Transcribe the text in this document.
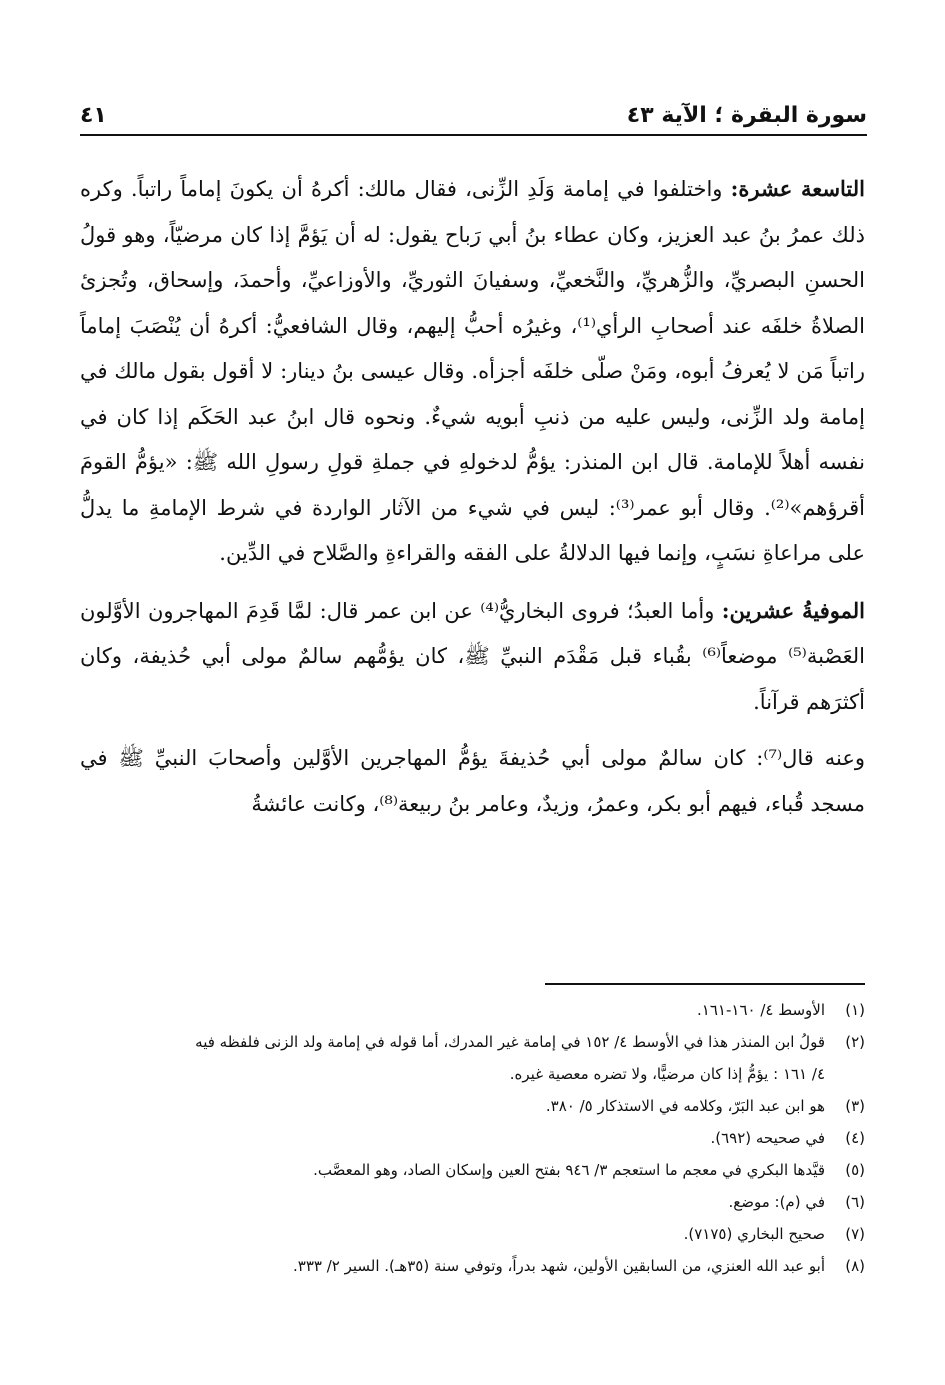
سورة البقرة ؛ الآية ٤٣
٤١

التاسعة عشرة: واختلفوا في إمامة وَلَدِ الزِّنى، فقال مالك: أكرهُ أن يكونَ إماماً راتباً. وكره ذلك عمرُ بنُ عبد العزيز، وكان عطاء بنُ أبي رَباح يقول: له أن يَؤمَّ إذا كان مرضيّاً، وهو قولُ الحسنِ البصريِّ، والزُّهريِّ، والنَّخعيِّ، وسفيانَ الثوريِّ، والأوزاعيِّ، وأحمدَ، وإسحاق، وتُجزئ الصلاةُ خلفَه عند أصحابِ الرأي⁽¹⁾، وغيرُه أحبُّ إليهم، وقال الشافعيُّ: أكرهُ أن يُنْصَبَ إماماً راتباً مَن لا يُعرفُ أبوه، ومَنْ صلّى خلفَه أجزأه. وقال عيسى بنُ دينار: لا أقول بقول مالك في إمامة ولد الزِّنى، وليس عليه من ذنبِ أبويه شيءٌ. ونحوه قال ابنُ عبد الحَكَم إذا كان في نفسه أهلاً للإمامة. قال ابن المنذر: يؤمُّ لدخولهِ في جملةِ قولِ رسولِ الله ﷺ: «يؤمُّ القومَ أقرؤهم»⁽²⁾. وقال أبو عمر⁽³⁾: ليس في شيء من الآثار الواردة في شرط الإمامةِ ما يدلُّ على مراعاةِ نسَبٍ، وإنما فيها الدلالةُ على الفقه والقراءةِ والصَّلاح في الدِّين.

الموفيةُ عشرين: وأما العبدُ؛ فروى البخاريُّ⁽⁴⁾ عن ابن عمر قال: لمَّا قَدِمَ المهاجرون الأوَّلون العَصْبة⁽⁵⁾ موضعاً⁽⁶⁾ بقُباء قبل مَقْدَم النبيِّ ﷺ، كان يؤمُّهم سالمٌ مولى أبي حُذيفة، وكان أكثرَهم قرآناً.

وعنه قال⁽⁷⁾: كان سالمٌ مولى أبي حُذيفةَ يؤمُّ المهاجرين الأوَّلين وأصحابَ النبيِّ ﷺ في مسجد قُباء، فيهم أبو بكر، وعمرُ، وزيدٌ، وعامر بنُ ربيعة⁽⁸⁾، وكانت عائشةُ

(١)
الأوسط ٤/ ١٦٠-١٦١.
(٢)
قولُ ابن المنذر هذا في الأوسط ٤/ ١٥٢ في إمامة غير المدرك، أما قوله في إمامة ولد الزنى فلفظه فيه

٤/ ١٦١ : يؤمُّ إذا كان مرضيًّا، ولا تضره معصية غيره.

(٣)
هو ابن عبد البَرّ، وكلامه في الاستذكار ٥/ ٣٨٠.
(٤)
في صحيحه (٦٩٢).
(٥)
قيَّدها البكري في معجم ما استعجم ٣/ ٩٤٦ بفتح العين وإسكان الصاد، وهو المعصَّب.
(٦)
في (م): موضع.
(٧)
صحيح البخاري (٧١٧٥).
(٨)
أبو عبد الله العنزي، من السابقين الأولين، شهد بدراً، وتوفي سنة (٣٥هـ). السير ٢/ ٣٣٣.
